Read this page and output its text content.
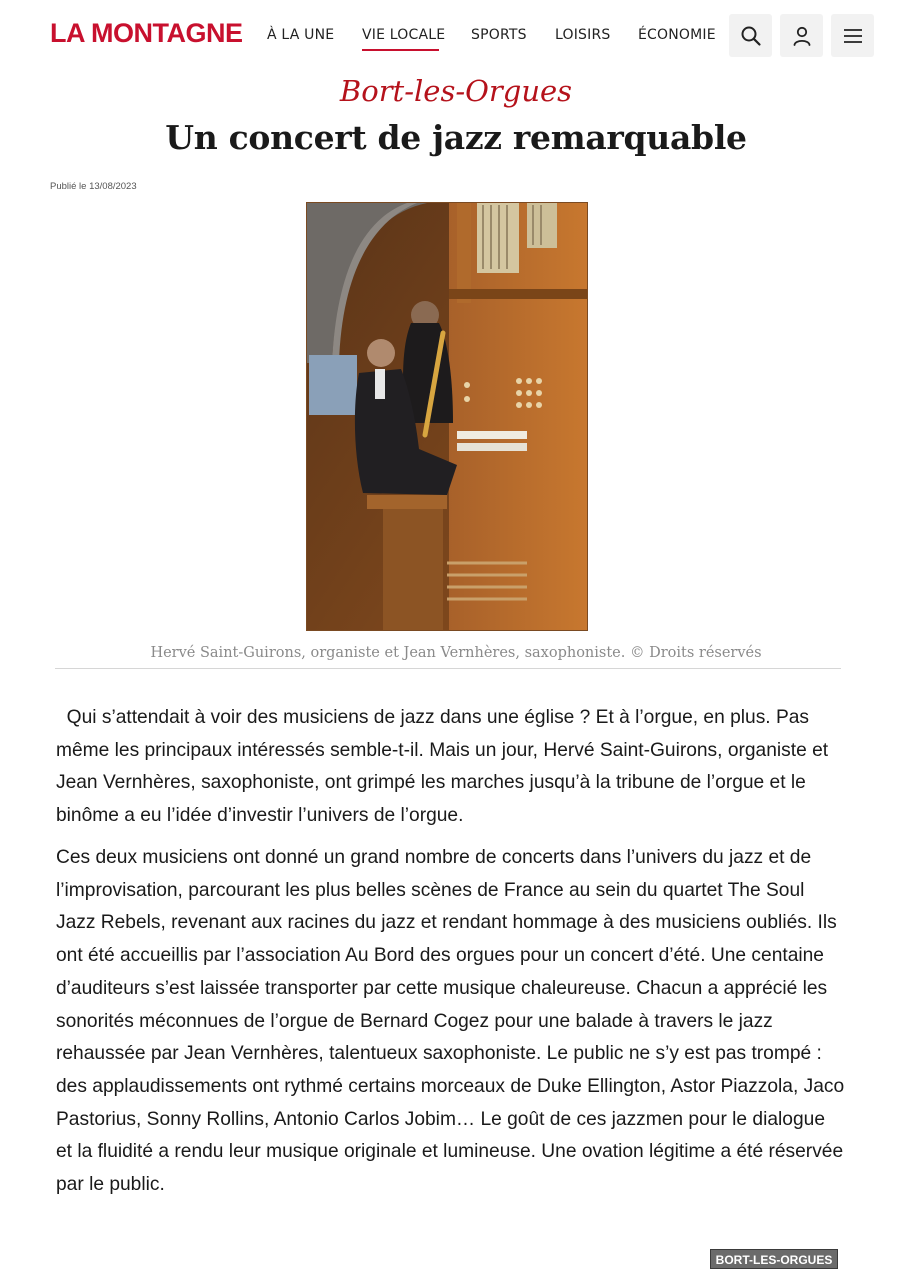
LA MONTAGNE À LA UNE VIE LOCALE SPORTS LOISIRS ÉCONOMIE
Bort-les-Orgues
Un concert de jazz remarquable
Publié le 13/08/2023
Hervé Saint-Guirons, organiste et Jean Vernhères, saxophoniste. © Droits réservés

Qui s’attendait à voir des musiciens de jazz dans une église ? Et à l’orgue, en plus. Pas même les principaux intéressés semble-t-il. Mais un jour, Hervé Saint-Guirons, organiste et Jean Vernhères, saxophoniste, ont grimpé les marches jusqu’à la tribune de l’orgue et le binôme a eu l’idée d’investir l’univers de l’orgue.

Ces deux musiciens ont donné un grand nombre de concerts dans l’univers du jazz et de l’improvisation, parcourant les plus belles scènes de France au sein du quartet The Soul Jazz Rebels, revenant aux racines du jazz et rendant hommage à des musiciens oubliés. Ils ont été accueillis par l’association Au Bord des orgues pour un concert d’été. Une centaine d’auditeurs s’est laissée transporter par cette musique chaleureuse. Chacun a apprécié les sonorités méconnues de l’orgue de Bernard Cogez pour une balade à travers le jazz rehaussée par Jean Vernhères, talentueux saxophoniste. Le public ne s’y est pas trompé : des applaudissements ont rythmé certains morceaux de Duke Ellington, Astor Piazzola, Jaco Pastorius, Sonny Rollins, Antonio Carlos Jobim… Le goût de ces jazzmen pour le dialogue et la fluidité a rendu leur musique originale et lumineuse. Une ovation légitime a été réservée par le public.

BORT-LES-ORGUES
